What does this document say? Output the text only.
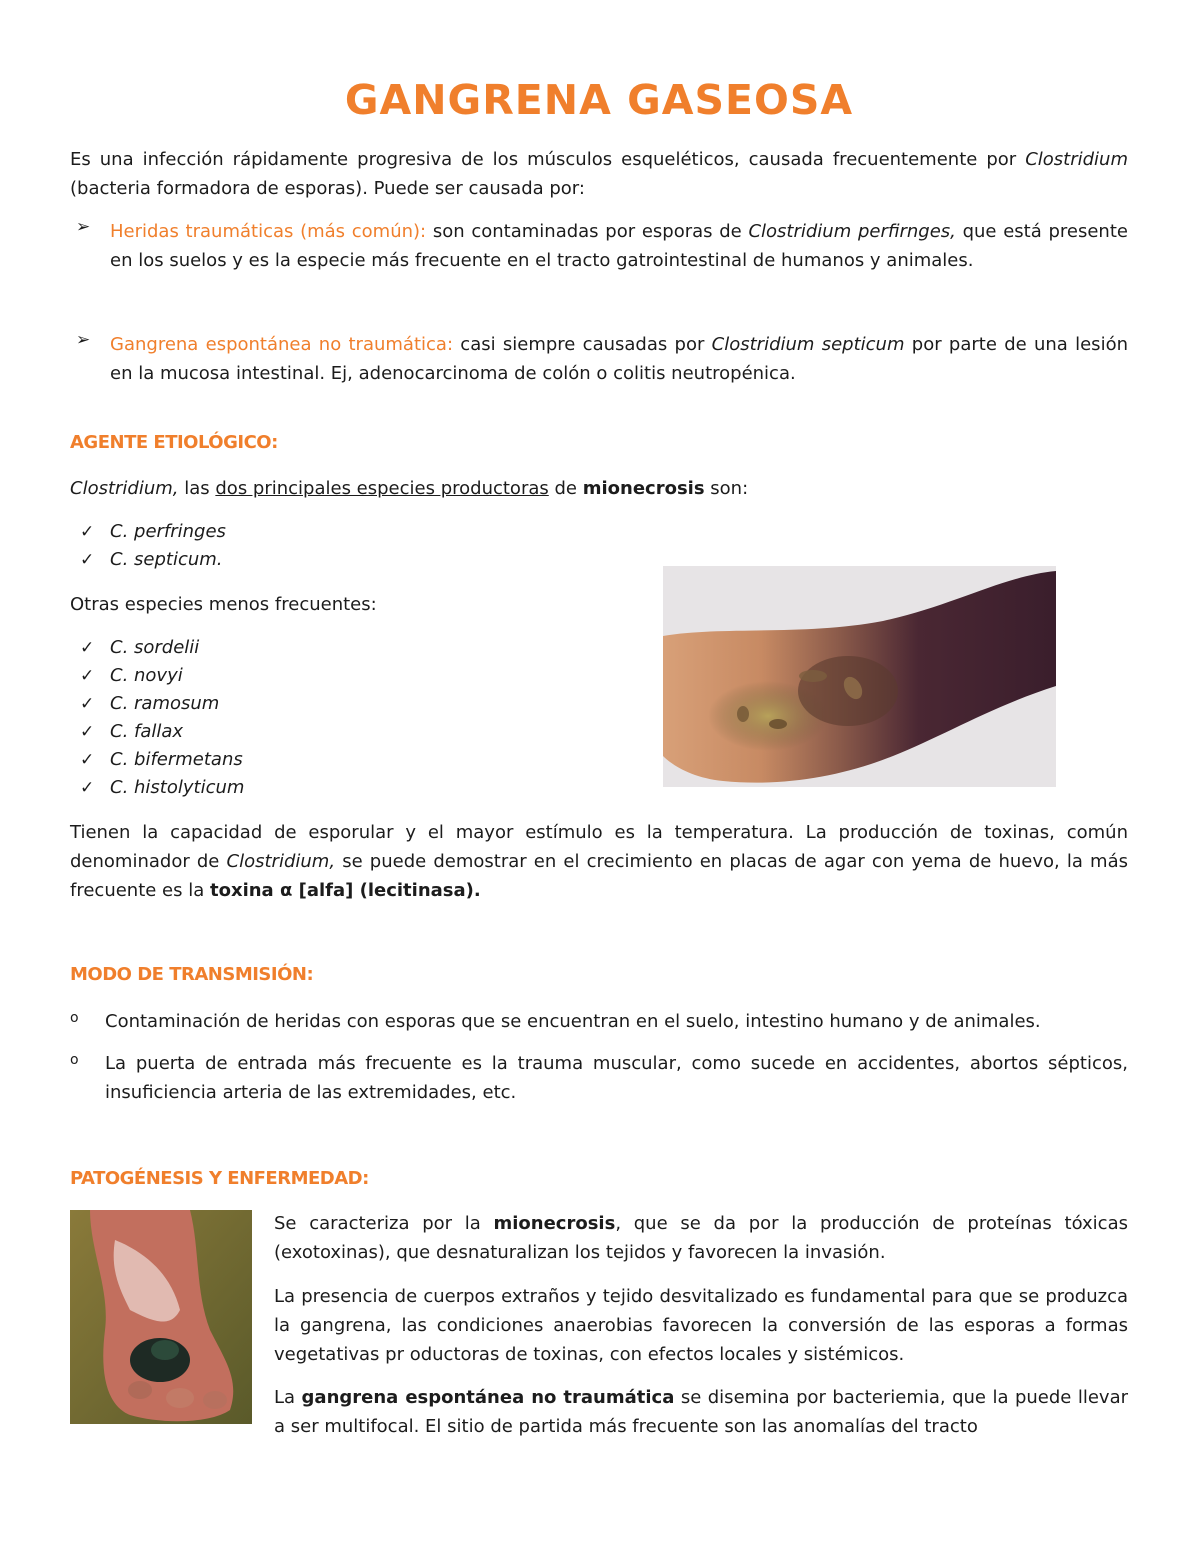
GANGRENA GASEOSA

Es una infección rápidamente progresiva de los músculos esqueléticos, causada frecuentemente por Clostridium (bacteria formadora de esporas). Puede ser causada por:

➢ Heridas traumáticas (más común): son contaminadas por esporas de Clostridium perfirnges, que está presente en los suelos y es la especie más frecuente en el tracto gatrointestinal de humanos y animales.

➢ Gangrena espontánea no traumática: casi siempre causadas por Clostridium septicum por parte de una lesión en la mucosa intestinal. Ej, adenocarcinoma de colón o colitis neutropénica.

AGENTE ETIOLÓGICO:

Clostridium, las dos principales especies productoras de mionecrosis son:

✓ C. perfringes
✓ C. septicum.

Otras especies menos frecuentes:

✓ C. sordelii
✓ C. novyi
✓ C. ramosum
✓ C. fallax
✓ C. bifermetans
✓ C. histolyticum

Tienen la capacidad de esporular y el mayor estímulo es la temperatura. La producción de toxinas, común denominador de Clostridium, se puede demostrar en el crecimiento en placas de agar con yema de huevo, la más frecuente es la toxina α [alfa] (lecitinasa).

MODO DE TRANSMISIÓN:
o Contaminación de heridas con esporas que se encuentran en el suelo, intestino humano y de animales.

o La puerta de entrada más frecuente es la trauma muscular, como sucede en accidentes, abortos sépticos, insuficiencia arteria de las extremidades, etc.

PATOGÉNESIS Y ENFERMEDAD:

Se caracteriza por la mionecrosis, que se da por la producción de proteínas tóxicas (exotoxinas), que desnaturalizan los tejidos y favorecen la invasión.

La presencia de cuerpos extraños y tejido desvitalizado es fundamental para que se produzca la gangrena, las condiciones anaerobias favorecen la conversión de las esporas a formas vegetativas pr oductoras de toxinas, con efectos locales y sistémicos.

La gangrena espontánea no traumática se disemina por bacteriemia, que la puede llevar a ser multifocal. El sitio de partida más frecuente son las anomalías del tracto
